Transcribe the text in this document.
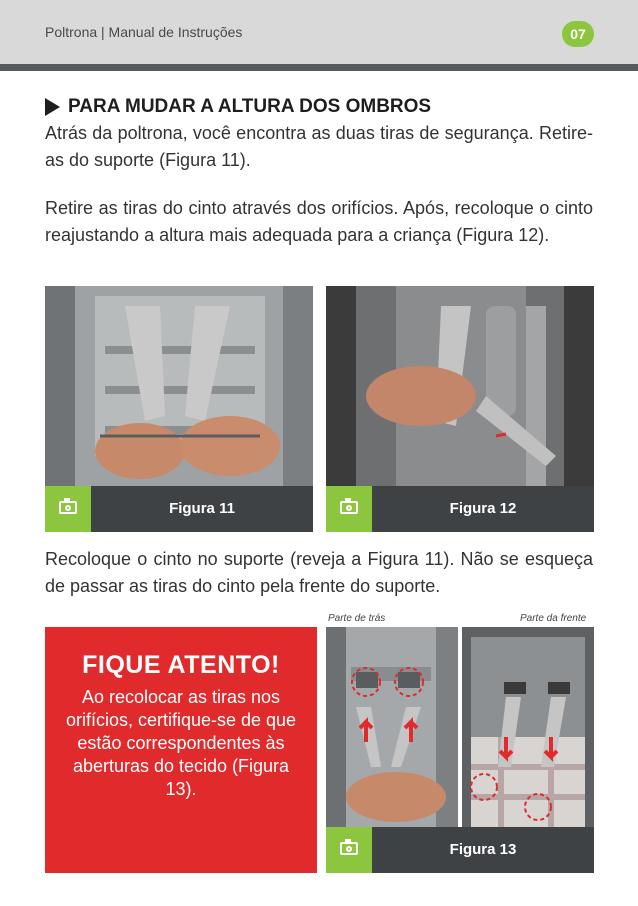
Poltrona | Manual de Instruções	07
PARA MUDAR A ALTURA DOS OMBROS

Atrás da poltrona, você encontra as duas tiras de segurança. Retire-as do suporte (Figura 11).

Retire as tiras do cinto através dos orifícios. Após, recoloque o cinto reajustando a altura mais adequada para a criança (Figura 12).

Figura 11	Figura 12

Recoloque o cinto no suporte (reveja a Figura 11). Não se esqueça de passar as tiras do cinto pela frente do suporte.

FIQUE ATENTO!
Ao recolocar as tiras nos orifícios, certifique-se de que estão correspondentes às aberturas do tecido (Figura 13).
Parte de trás	Parte da frente
Figura 13
